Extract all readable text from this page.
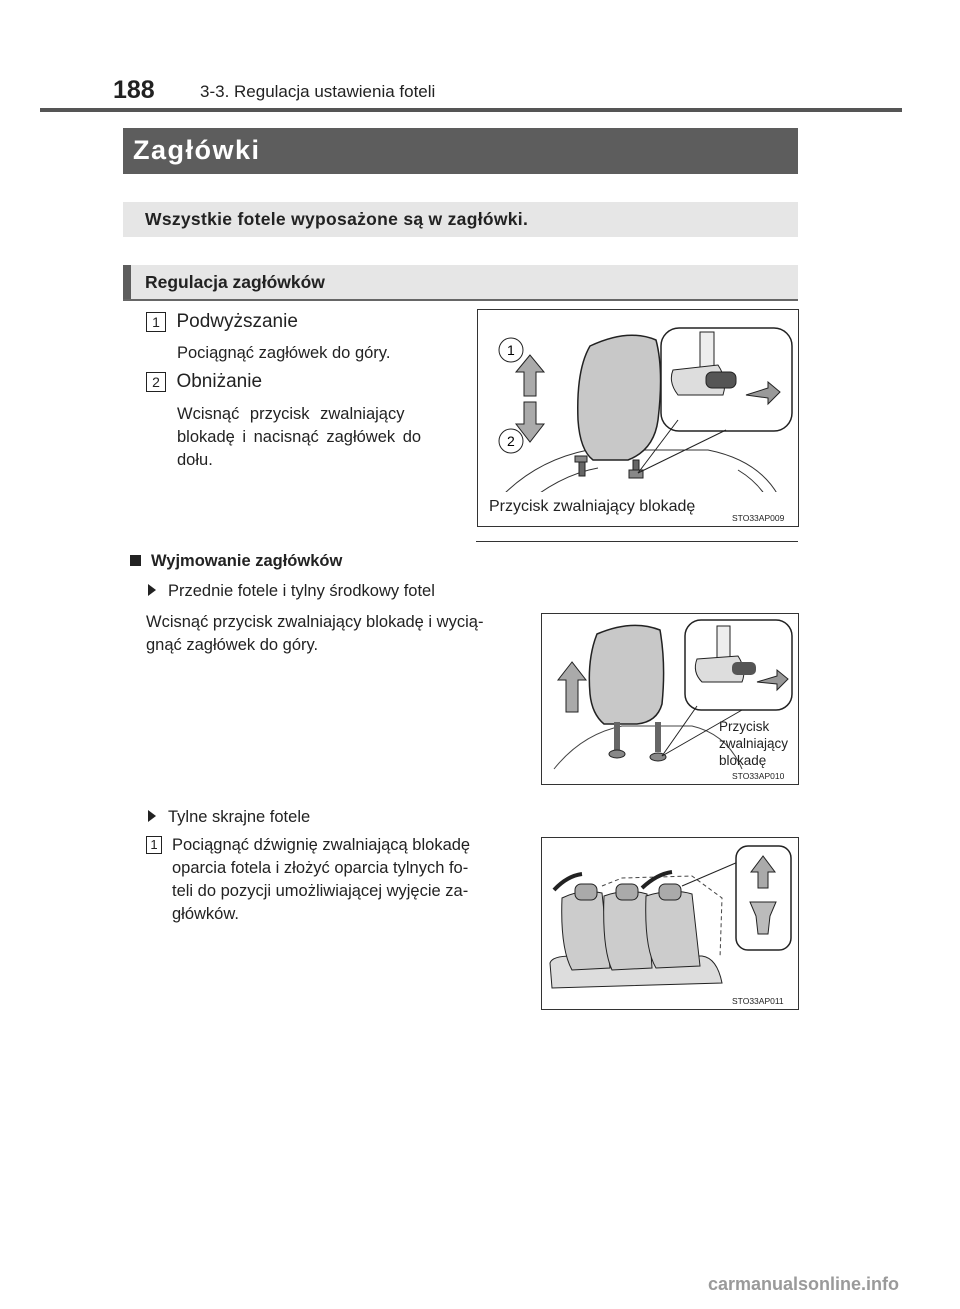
188	3-3. Regulacja ustawienia foteli
Zagłówki
Wszystkie fotele wyposażone są w zagłówki.
Regulacja zagłówków
1 Podwyższanie
Pociągnąć zagłówek do góry.
2 Obniżanie
Wcisnąć przycisk zwalniający
blokadę i nacisnąć zagłówek do
dołu.
1
2
Przycisk zwalniający blokadę
STO33AP009
Wyjmowanie zagłówków
Przednie fotele i tylny środkowy fotel
Wcisnąć przycisk zwalniający blokadę i wycią-
gnąć zagłówek do góry.
Przycisk
zwalniający
blokadę
STO33AP010
Tylne skrajne fotele
1 Pociągnąć dźwignię zwalniającą blokadę
oparcia fotela i złożyć oparcia tylnych fo-
teli do pozycji umożliwiającej wyjęcie za-
główków.
STO33AP011
carmanualsonline.info
